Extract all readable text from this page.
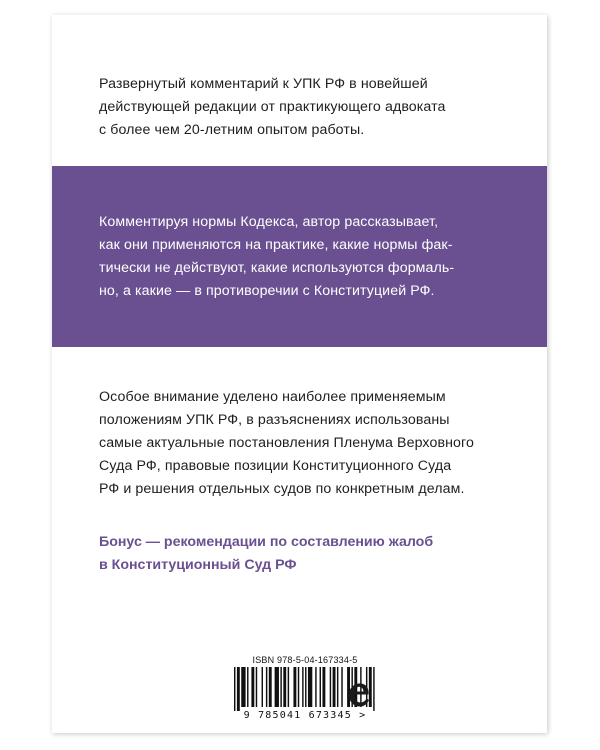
Развернутый комментарий к УПК РФ в новейшей
действующей редакции от практикующего адвоката
с более чем 20-летним опытом работы.
Комментируя нормы Кодекса, автор рассказывает,
как они применяются на практике, какие нормы фак-
тически не действуют, какие используются формаль-
но, а какие — в противоречии с Конституцией РФ.
Особое внимание уделено наиболее применяемым
положениям УПК РФ, в разъяснениях использованы
самые актуальные постановления Пленума Верховного
Суда РФ, правовые позиции Конституционного Суда
РФ и решения отдельных судов по конкретным делам.
Бонус — рекомендации по составлению жалоб
в Конституционный Суд РФ
ISBN 978-5-04-167334-5
9 785041 673345 >
